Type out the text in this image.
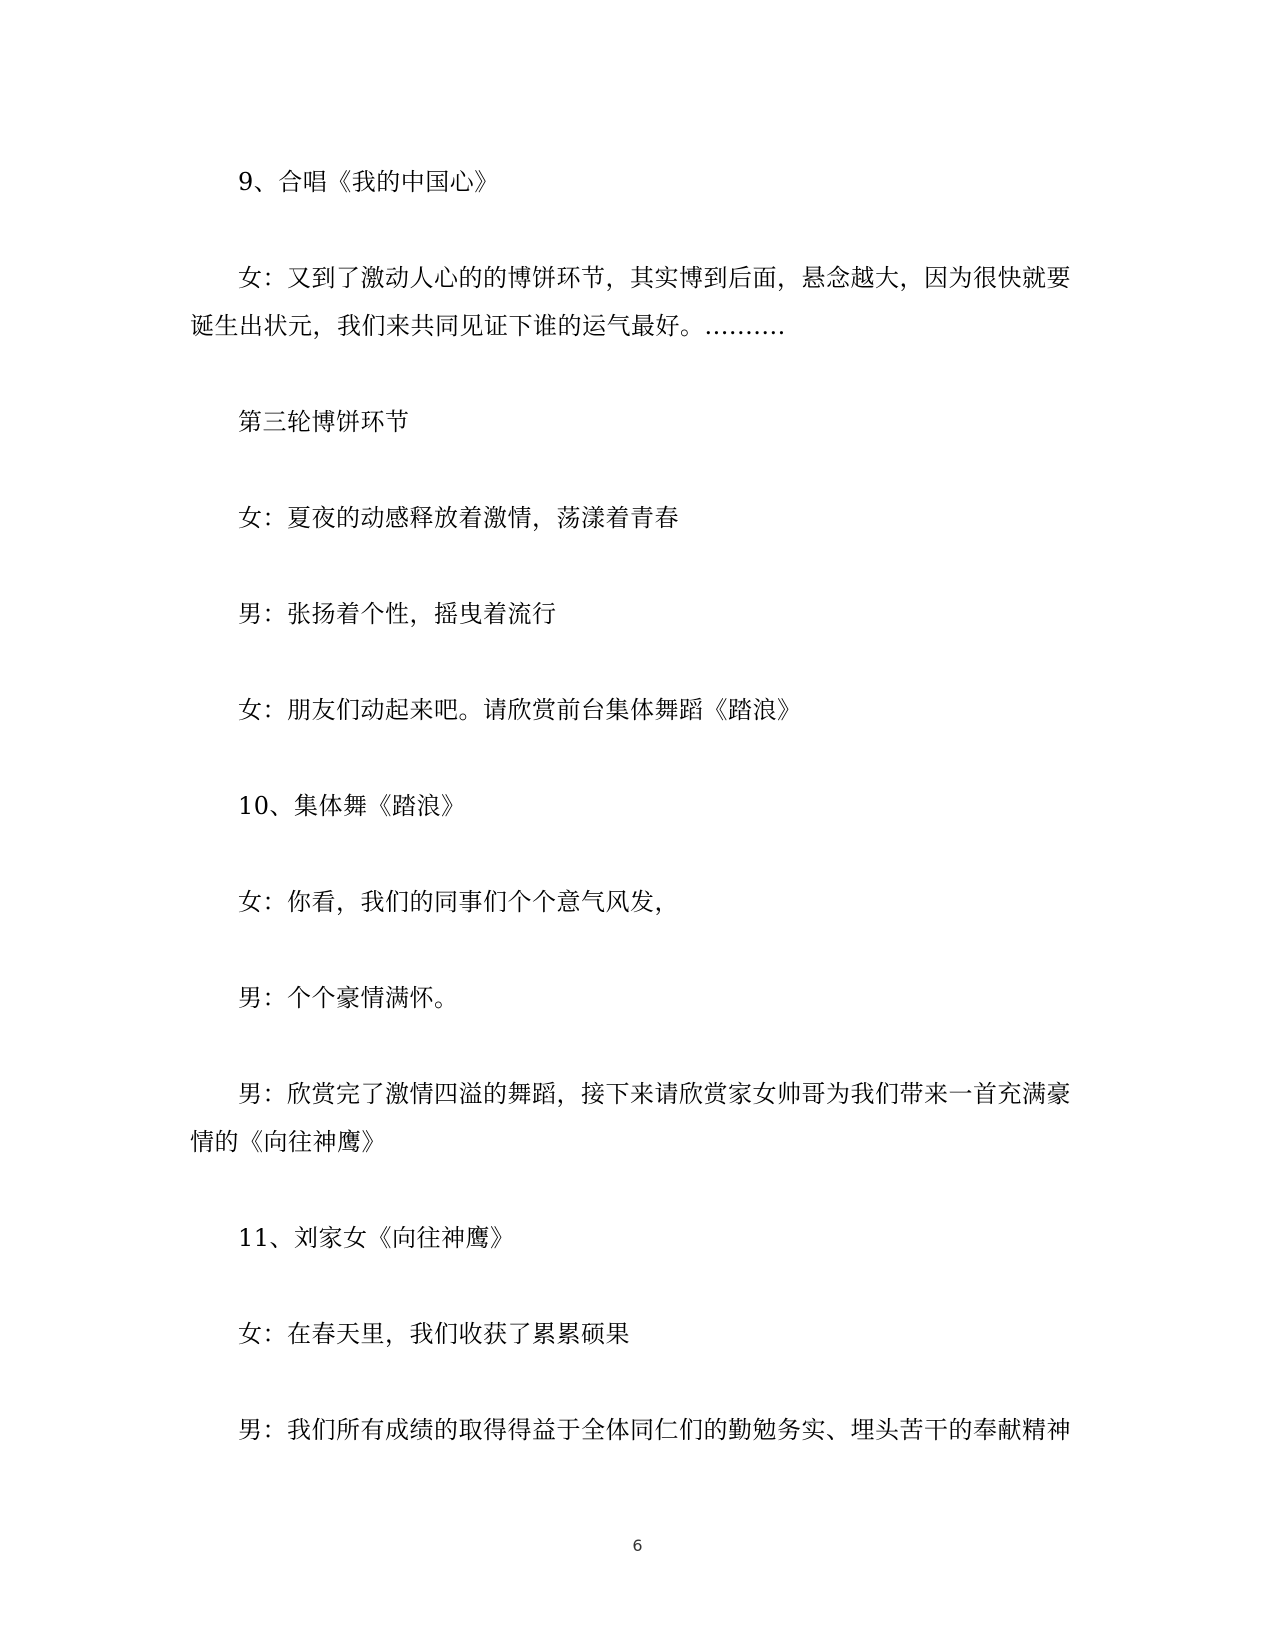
9、合唱《我的中国心》

女：又到了激动人心的的博饼环节，其实博到后面，悬念越大，因为很快就要诞生出状元，我们来共同见证下谁的运气最好。..........

第三轮博饼环节

女：夏夜的动感释放着激情，荡漾着青春

男：张扬着个性，摇曳着流行

女：朋友们动起来吧。请欣赏前台集体舞蹈《踏浪》

10、集体舞《踏浪》

女：你看，我们的同事们个个意气风发，

男：个个豪情满怀。

男：欣赏完了激情四溢的舞蹈，接下来请欣赏家女帅哥为我们带来一首充满豪情的《向往神鹰》

11、刘家女《向往神鹰》

女：在春天里，我们收获了累累硕果

男：我们所有成绩的取得得益于全体同仁们的勤勉务实、埋头苦干的奉献精神

6
